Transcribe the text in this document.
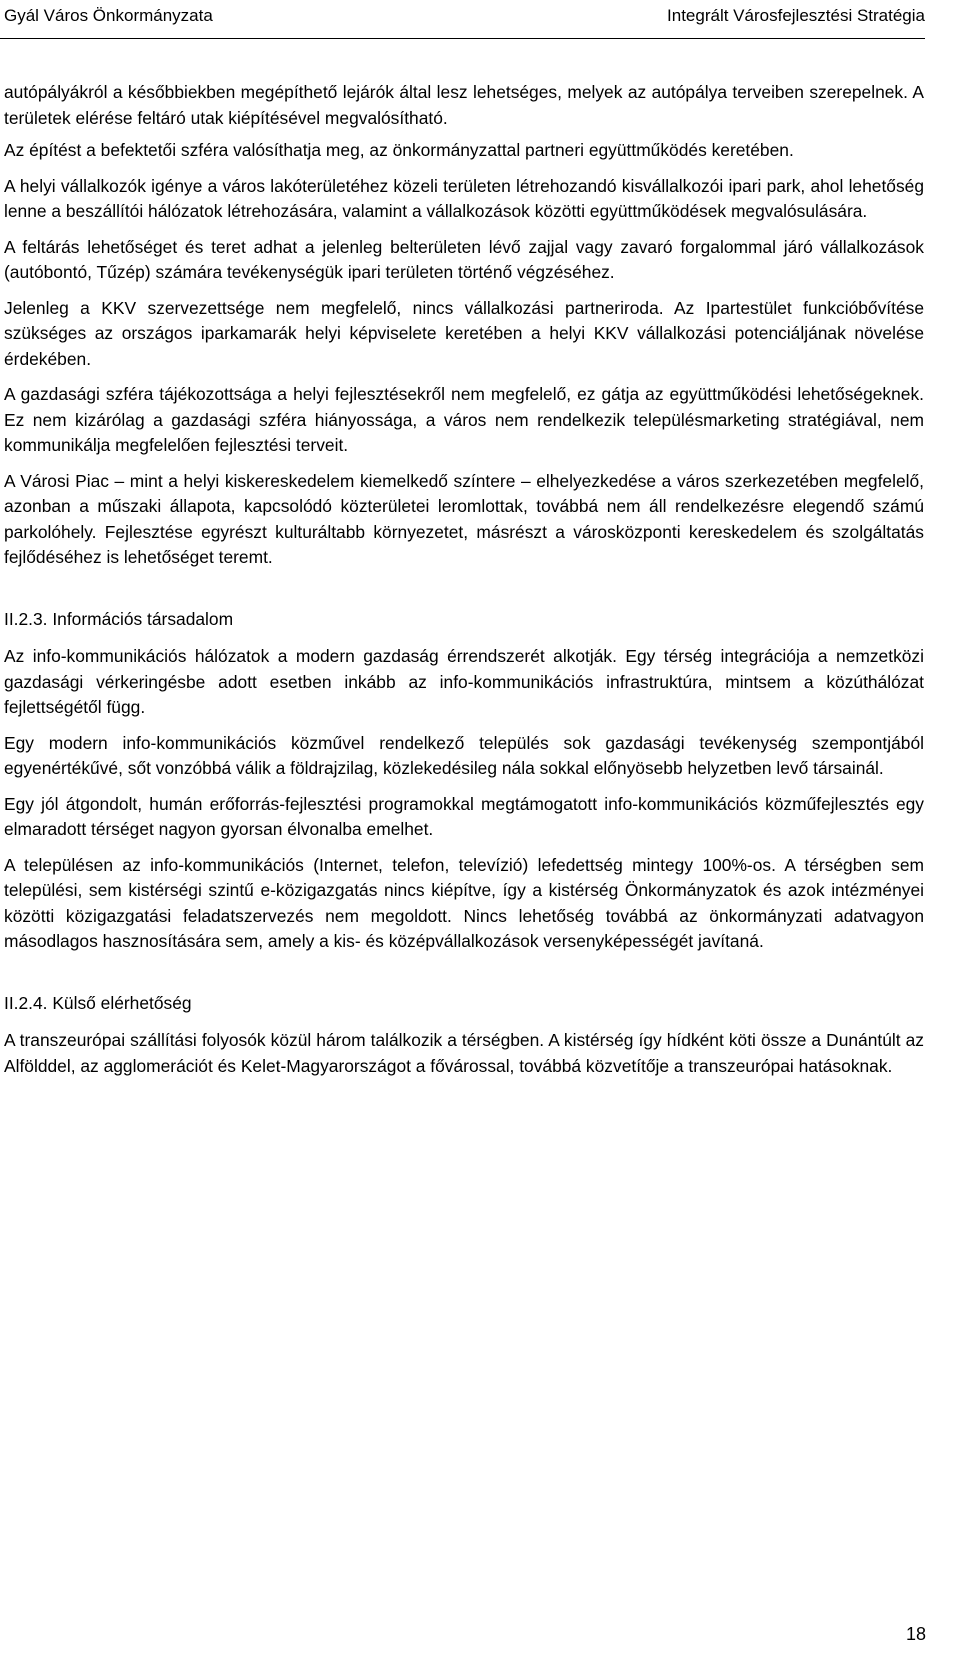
Gyál Város Önkormányzata	Integrált Városfejlesztési Stratégia

autópályákról a későbbiekben megépíthető lejárók által lesz lehetséges, melyek az autópálya terveiben szerepelnek. A területek elérése feltáró utak kiépítésével megvalósítható.

Az építést a befektetői szféra valósíthatja meg, az önkormányzattal partneri együttműködés keretében.

A helyi vállalkozók igénye a város lakóterületéhez közeli területen létrehozandó kisvállalkozói ipari park, ahol lehetőség lenne a beszállítói hálózatok létrehozására, valamint a vállalkozások közötti együttműködések megvalósulására.

A feltárás lehetőséget és teret adhat a jelenleg belterületen lévő zajjal vagy zavaró forgalommal járó vállalkozások (autóbontó, Tűzép) számára tevékenységük ipari területen történő végzéséhez.

Jelenleg a KKV szervezettsége nem megfelelő, nincs vállalkozási partneriroda. Az Ipartestület funkcióbővítése szükséges az országos iparkamarák helyi képviselete keretében a helyi KKV vállalkozási potenciáljának növelése érdekében.

A gazdasági szféra tájékozottsága a helyi fejlesztésekről nem megfelelő, ez gátja az együttműködési lehetőségeknek. Ez nem kizárólag a gazdasági szféra hiányossága, a város nem rendelkezik településmarketing stratégiával, nem kommunikálja megfelelően fejlesztési terveit.

A Városi Piac – mint a helyi kiskereskedelem kiemelkedő színtere – elhelyezkedése a város szerkezetében megfelelő, azonban a műszaki állapota, kapcsolódó közterületei leromlottak, továbbá nem áll rendelkezésre elegendő számú parkolóhely. Fejlesztése egyrészt kulturáltabb környezetet, másrészt a városközponti kereskedelem és szolgáltatás fejlődéséhez is lehetőséget teremt.

II.2.3. Információs társadalom

Az info-kommunikációs hálózatok a modern gazdaság érrendszerét alkotják. Egy térség integrációja a nemzetközi gazdasági vérkeringésbe adott esetben inkább az info-kommunikációs infrastruktúra, mintsem a közúthálózat fejlettségétől függ.

Egy modern info-kommunikációs közművel rendelkező település sok gazdasági tevékenység szempontjából egyenértékűvé, sőt vonzóbbá válik a földrajzilag, közlekedésileg nála sokkal előnyösebb helyzetben levő társainál.

Egy jól átgondolt, humán erőforrás-fejlesztési programokkal megtámogatott info-kommunikációs közműfejlesztés egy elmaradott térséget nagyon gyorsan élvonalba emelhet.

A településen az info-kommunikációs (Internet, telefon, televízió) lefedettség mintegy 100%-os. A térségben sem települési, sem kistérségi szintű e-közigazgatás nincs kiépítve, így a kistérség Önkormányzatok és azok intézményei közötti közigazgatási feladatszervezés nem megoldott. Nincs lehetőség továbbá az önkormányzati adatvagyon másodlagos hasznosítására sem, amely a kis- és középvállalkozások versenyképességét javítaná.

II.2.4. Külső elérhetőség

A transzeurópai szállítási folyosók közül három találkozik a térségben. A kistérség így hídként köti össze a Dunántúlt az Alfölddel, az agglomerációt és Kelet-Magyarországot a fővárossal, továbbá közvetítője a transzeurópai hatásoknak.

18
